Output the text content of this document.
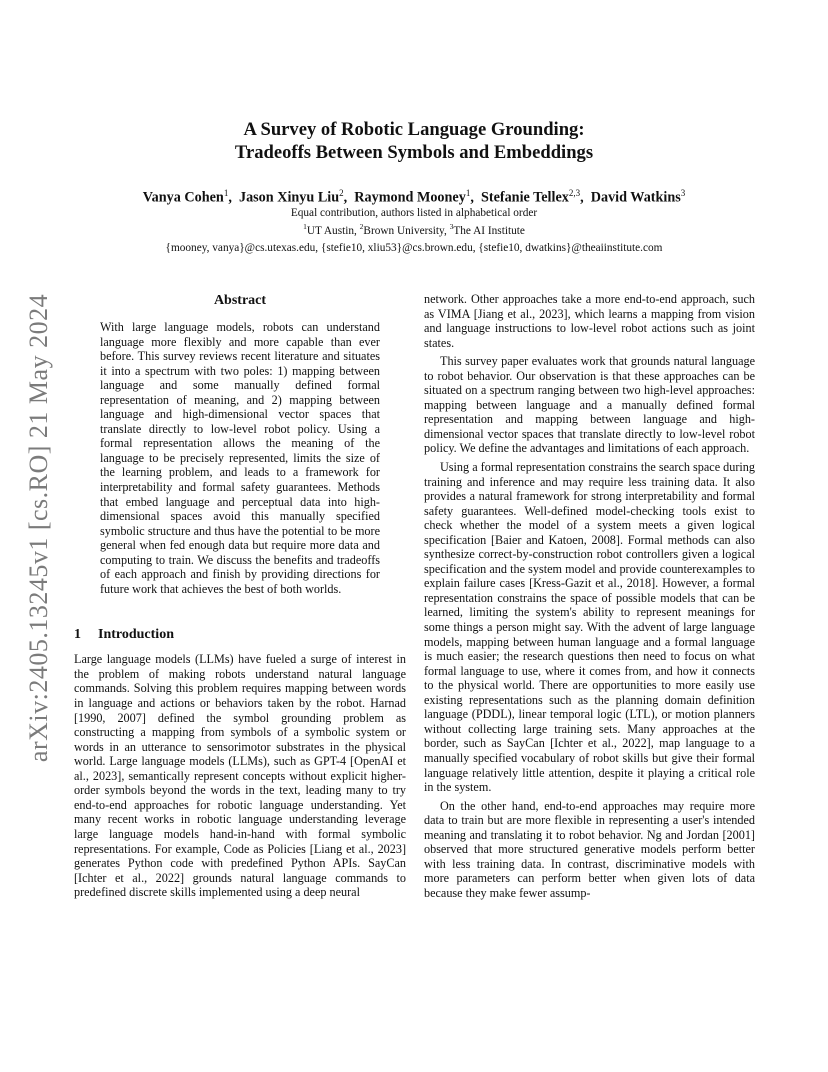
arXiv:2405.13245v1 [cs.RO] 21 May 2024
A Survey of Robotic Language Grounding:
Tradeoffs Between Symbols and Embeddings
Vanya Cohen$^1$,  Jason Xinyu Liu$^2$,  Raymond Mooney$^1$,  Stefanie Tellex$^{2,3}$,  David Watkins$^3$
Equal contribution, authors listed in alphabetical order
$^1$UT Austin, $^2$Brown University, $^3$The AI Institute
{mooney, vanya}@cs.utexas.edu, {stefie10, xliu53}@cs.brown.edu, {stefie10, dwatkins}@theaiinstitute.com
Abstract

With large language models, robots can understand language more flexibly and more capable than ever before. This survey reviews recent literature and situates it into a spectrum with two poles: 1) mapping between language and some manually defined formal representation of meaning, and 2) mapping between language and high-dimensional vector spaces that translate directly to low-level robot policy. Using a formal representation allows the meaning of the language to be precisely represented, limits the size of the learning problem, and leads to a framework for interpretability and formal safety guarantees. Methods that embed language and perceptual data into high-dimensional spaces avoid this manually specified symbolic structure and thus have the potential to be more general when fed enough data but require more data and computing to train. We discuss the benefits and tradeoffs of each approach and finish by providing directions for future work that achieves the best of both worlds.

1 Introduction

Large language models (LLMs) have fueled a surge of interest in the problem of making robots understand natural language commands. Solving this problem requires mapping between words in language and actions or behaviors taken by the robot. Harnad [1990, 2007] defined the symbol grounding problem as constructing a mapping from symbols of a symbolic system or words in an utterance to sensorimotor substrates in the physical world. Large language models (LLMs), such as GPT-4 [OpenAI et al., 2023], semantically represent concepts without explicit higher-order symbols beyond the words in the text, leading many to try end-to-end approaches for robotic language understanding. Yet many recent works in robotic language understanding leverage large language models hand-in-hand with formal symbolic representations. For example, Code as Policies [Liang et al., 2023] generates Python code with predefined Python APIs. SayCan [Ichter et al., 2022] grounds natural language commands to predefined discrete skills implemented using a deep neural

network. Other approaches take a more end-to-end approach, such as VIMA [Jiang et al., 2023], which learns a mapping from vision and language instructions to low-level robot actions such as joint states.

This survey paper evaluates work that grounds natural language to robot behavior. Our observation is that these approaches can be situated on a spectrum ranging between two high-level approaches: mapping between language and a manually defined formal representation and mapping between language and high-dimensional vector spaces that translate directly to low-level robot policy. We define the advantages and limitations of each approach.

Using a formal representation constrains the search space during training and inference and may require less training data. It also provides a natural framework for strong interpretability and formal safety guarantees. Well-defined model-checking tools exist to check whether the model of a system meets a given logical specification [Baier and Katoen, 2008]. Formal methods can also synthesize correct-by-construction robot controllers given a logical specification and the system model and provide counterexamples to explain failure cases [Kress-Gazit et al., 2018]. However, a formal representation constrains the space of possible models that can be learned, limiting the system's ability to represent meanings for some things a person might say. With the advent of large language models, mapping between human language and a formal language is much easier; the research questions then need to focus on what formal language to use, where it comes from, and how it connects to the physical world. There are opportunities to more easily use existing representations such as the planning domain definition language (PDDL), linear temporal logic (LTL), or motion planners without collecting large training sets. Many approaches at the border, such as SayCan [Ichter et al., 2022], map language to a manually specified vocabulary of robot skills but give their formal language relatively little attention, despite it playing a critical role in the system.

On the other hand, end-to-end approaches may require more data to train but are more flexible in representing a user's intended meaning and translating it to robot behavior. Ng and Jordan [2001] observed that more structured generative models perform better with less training data. In contrast, discriminative models with more parameters can perform better when given lots of data because they make fewer assump-
